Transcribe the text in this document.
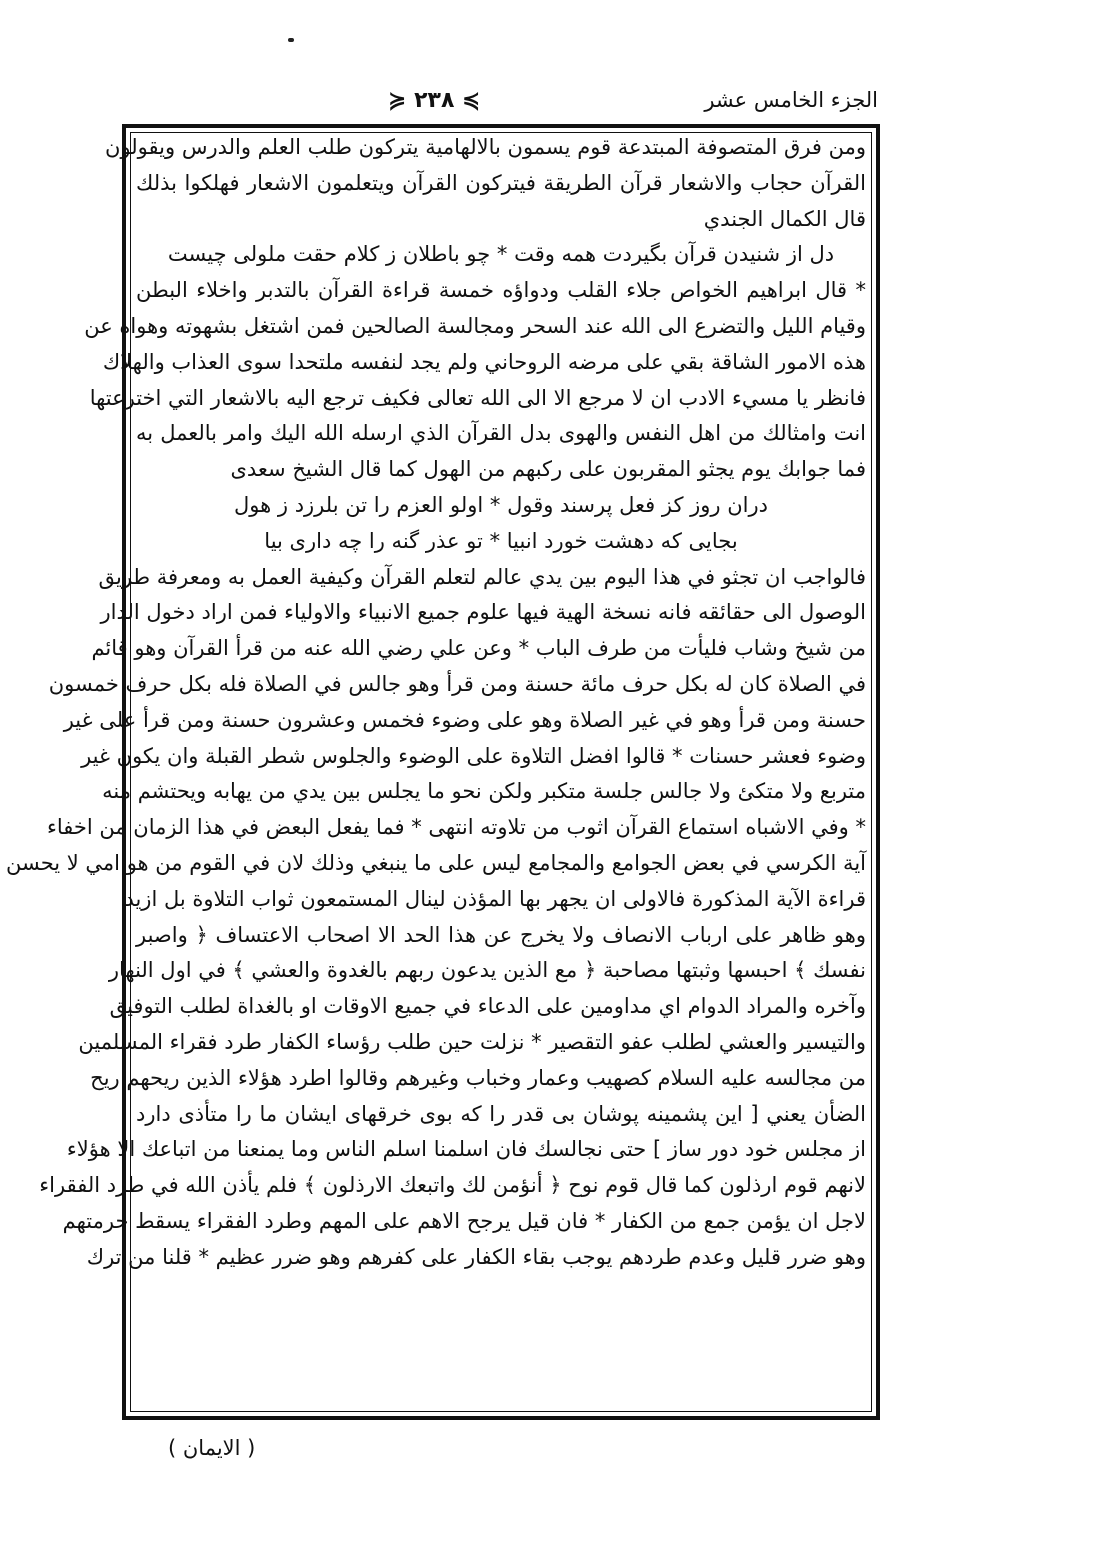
≽ ۲۳۸ ≼	الجزء الخامس عشر
ومن فرق المتصوفة المبتدعة قوم يسمون بالالهامية يتركون طلب العلم والدرس ويقولون
القرآن حجاب والاشعار قرآن الطريقة فيتركون القرآن ويتعلمون الاشعار فهلكوا بذلك
قال الكمال الجندي
دل از شنيدن قرآن بگيردت همه وقت * چو باطلان ز كلام حقت ملولى چيست
* قال ابراهيم الخواص جلاء القلب ودواؤه خمسة قراءة القرآن بالتدبر واخلاء البطن
وقيام الليل والتضرع الى الله عند السحر ومجالسة الصالحين فمن اشتغل بشهوته وهواه عن
هذه الامور الشاقة بقي على مرضه الروحاني ولم يجد لنفسه ملتحدا سوى العذاب والهلاك
فانظر يا مسيء الادب ان لا مرجع الا الى الله تعالى فكيف ترجع اليه بالاشعار التي اخترعتها
انت وامثالك من اهل النفس والهوى بدل القرآن الذي ارسله الله اليك وامر بالعمل به
فما جوابك يوم يجثو المقربون على ركبهم من الهول كما قال الشيخ سعدى
دران روز كز فعل پرسند وقول * اولو العزم را تن بلرزد ز هول
بجايى كه دهشت خورد انبيا * تو عذر گنه را چه دارى بيا
فالواجب ان تجثو في هذا اليوم بين يدي عالم لتعلم القرآن وكيفية العمل به ومعرفة طريق
الوصول الى حقائقه فانه نسخة الهية فيها علوم جميع الانبياء والاولياء فمن اراد دخول الدار
من شيخ وشاب فليأت من طرف الباب * وعن علي رضي الله عنه من قرأ القرآن وهو قائم
في الصلاة كان له بكل حرف مائة حسنة ومن قرأ وهو جالس في الصلاة فله بكل حرف خمسون
حسنة ومن قرأ وهو في غير الصلاة وهو على وضوء فخمس وعشرون حسنة ومن قرأ على غير
وضوء فعشر حسنات * قالوا افضل التلاوة على الوضوء والجلوس شطر القبلة وان يكون غير
متربع ولا متكئ ولا جالس جلسة متكبر ولكن نحو ما يجلس بين يدي من يهابه ويحتشم منه
* وفي الاشباه استماع القرآن اثوب من تلاوته انتهى * فما يفعل البعض في هذا الزمان من اخفاء
آية الكرسي في بعض الجوامع والمجامع ليس على ما ينبغي وذلك لان في القوم من هو امي لا يحسن
قراءة الآية المذكورة فالاولى ان يجهر بها المؤذن لينال المستمعون ثواب التلاوة بل ازيد
وهو ظاهر على ارباب الانصاف ولا يخرج عن هذا الحد الا اصحاب الاعتساف ﴿ واصبر
نفسك ﴾ احبسها وثبتها مصاحبة ﴿ مع الذين يدعون ربهم بالغدوة والعشي ﴾ في اول النهار
وآخره والمراد الدوام اي مداومين على الدعاء في جميع الاوقات او بالغداة لطلب التوفيق
والتيسير والعشي لطلب عفو التقصير * نزلت حين طلب رؤساء الكفار طرد فقراء المسلمين
من مجالسه عليه السلام كصهيب وعمار وخباب وغيرهم وقالوا اطرد هؤلاء الذين ريحهم ريح
الضأن يعني [ اين پشمينه پوشان بى قدر را كه بوى خرقهاى ايشان ما را متأذى دارد
از مجلس خود دور ساز ] حتى نجالسك فان اسلمنا اسلم الناس وما يمنعنا من اتباعك الا هؤلاء
لانهم قوم ارذلون كما قال قوم نوح ﴿ أنؤمن لك واتبعك الارذلون ﴾ فلم يأذن الله في طرد الفقراء
لاجل ان يؤمن جمع من الكفار * فان قيل يرجح الاهم على المهم وطرد الفقراء يسقط حرمتهم
وهو ضرر قليل وعدم طردهم يوجب بقاء الكفار على كفرهم وهو ضرر عظيم * قلنا من ترك
( الايمان )
